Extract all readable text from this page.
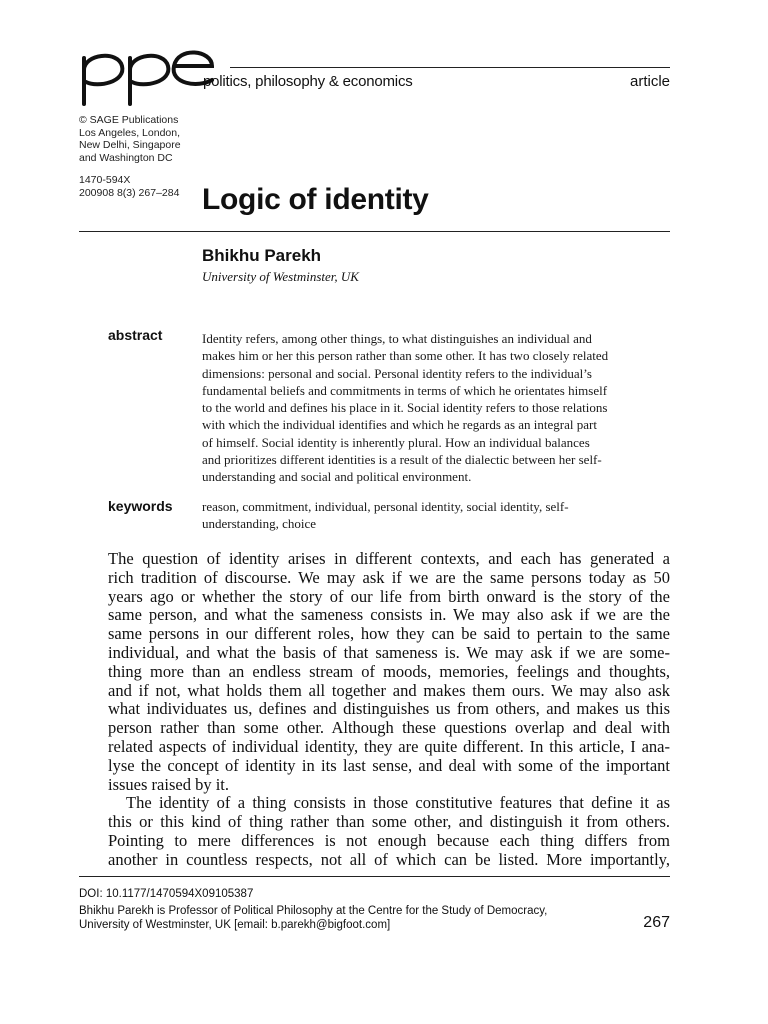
politics, philosophy & economics	article
© SAGE Publications
Los Angeles, London,
New Delhi, Singapore
and Washington DC
1470-594X
200908 8(3) 267–284 Logic of identity
Bhikhu Parekh
University of Westminster, UK
abstract	Identity refers, among other things, to what distinguishes an individual and
makes him or her this person rather than some other. It has two closely related
dimensions: personal and social. Personal identity refers to the individual’s
fundamental beliefs and commitments in terms of which he orientates himself
to the world and defines his place in it. Social identity refers to those relations
with which the individual identifies and which he regards as an integral part
of himself. Social identity is inherently plural. How an individual balances
and prioritizes different identities is a result of the dialectic between her self-
understanding and social and political environment.
keywords reason, commitment, individual, personal identity, social identity, self-
understanding, choice
The question of identity arises in different contexts, and each has generated a
rich tradition of discourse. We may ask if we are the same persons today as 50
years ago or whether the story of our life from birth onward is the story of the
same person, and what the sameness consists in. We may also ask if we are the
same persons in our different roles, how they can be said to pertain to the same
individual, and what the basis of that sameness is. We may ask if we are some-
thing more than an endless stream of moods, memories, feelings and thoughts,
and if not, what holds them all together and makes them ours. We may also ask
what individuates us, defines and distinguishes us from others, and makes us this
person rather than some other. Although these questions overlap and deal with
related aspects of individual identity, they are quite different. In this article, I ana-
lyse the concept of identity in its last sense, and deal with some of the important
issues raised by it.
The identity of a thing consists in those constitutive features that define it as
this or this kind of thing rather than some other, and distinguish it from others.
Pointing to mere differences is not enough because each thing differs from
another in countless respects, not all of which can be listed. More importantly,
DOI: 10.1177/1470594X09105387
Bhikhu Parekh is Professor of Political Philosophy at the Centre for the Study of Democracy,
University of Westminster, UK [email: b.parekh@bigfoot.com]	267
